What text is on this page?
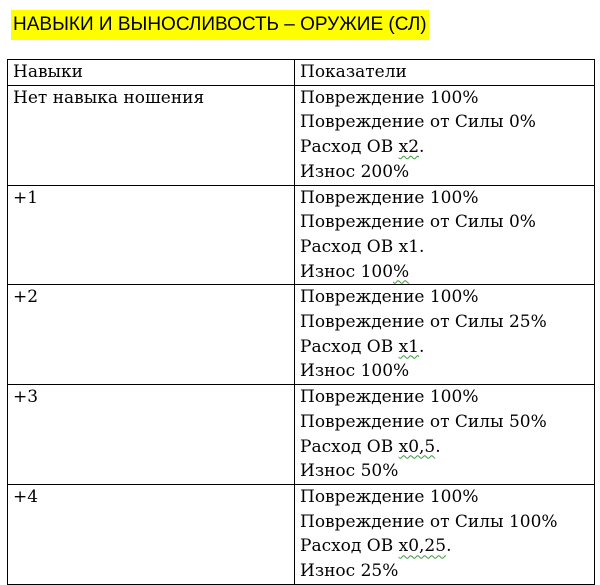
НАВЫКИ И ВЫНОСЛИВОСТЬ – ОРУЖИЕ (СЛ)
Навыки	Показатели
Нет навыка ношения	Повреждение 100%
Повреждение от Силы 0%
Расход ОВ х2.
Износ 200%

+1	Повреждение 100%
Повреждение от Силы 0%
Расход ОВ х1.
Износ 100%

+2	Повреждение 100%
Повреждение от Силы 25%
Расход ОВ х1.
Износ 100%

+3	Повреждение 100%
Повреждение от Силы 50%
Расход ОВ х0,5.
Износ 50%

+4	Повреждение 100%
Повреждение от Силы 100%
Расход ОВ х0,25.
Износ 25%
